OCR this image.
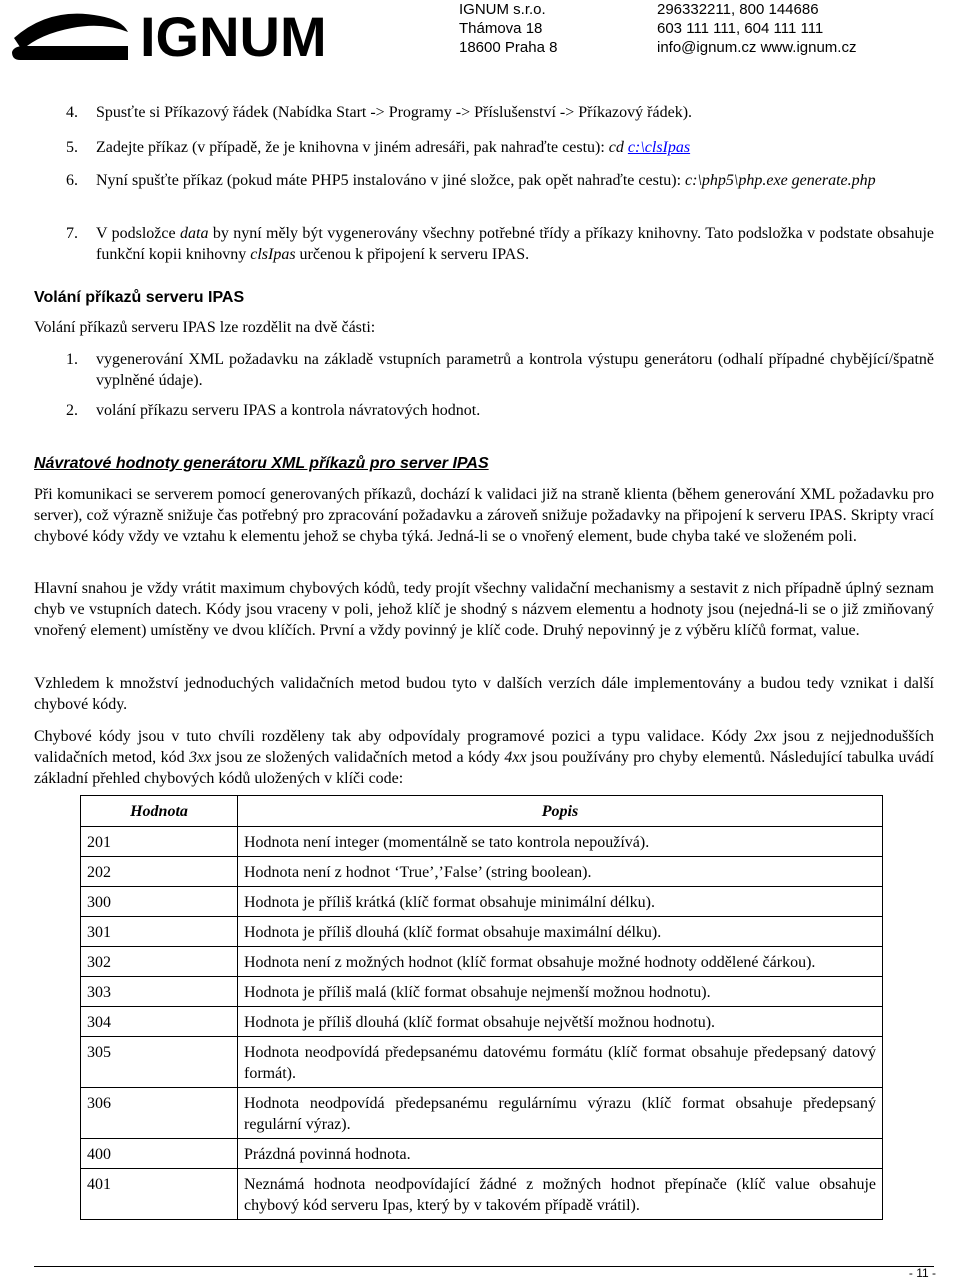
IGNUM	IGNUM s.r.o.
Thámova 18
18600 Praha 8
296332211, 800 144686
603 111 111, 604 111 111
info@ignum.cz www.ignum.cz
4. Spusťte si Příkazový řádek (Nabídka Start -> Programy -> Příslušenství -> Příkazový řádek).
5. Zadejte příkaz (v případě, že je knihovna v jiném adresáři, pak nahraďte cestu): cd c:\clsIpas
6. Nyní spušťte příkaz (pokud máte PHP5 instalováno v jiné složce, pak opět nahraďte cestu): c:\php5\php.exe generate.php
7. V podsložce data by nyní měly být vygenerovány všechny potřebné třídy a příkazy knihovny. Tato podsložka v podstate obsahuje funkční kopii knihovny clsIpas určenou k připojení k serveru IPAS.
Volání příkazů serveru IPAS
Volání příkazů serveru IPAS lze rozdělit na dvě části:
1. vygenerování XML požadavku na základě vstupních parametrů a kontrola výstupu generátoru (odhalí případné chybějící/špatně vyplněné údaje).
2. volání příkazu serveru IPAS a kontrola návratových hodnot.
Návratové hodnoty generátoru XML příkazů pro server IPAS
Při komunikaci se serverem pomocí generovaných příkazů, dochází k validaci již na straně klienta (během generování XML požadavku pro server), což výrazně snižuje čas potřebný pro zpracování požadavku a zároveň snižuje požadavky na připojení k serveru IPAS. Skripty vrací chybové kódy vždy ve vztahu k elementu jehož se chyba týká. Jedná-li se o vnořený element, bude chyba také ve složeném poli.
Hlavní snahou je vždy vrátit maximum chybových kódů, tedy projít všechny validační mechanismy a sestavit z nich případně úplný seznam chyb ve vstupních datech. Kódy jsou vraceny v poli, jehož klíč je shodný s názvem elementu a hodnoty jsou (nejedná-li se o již zmiňovaný vnořený element) umístěny ve dvou klíčích. První a vždy povinný je klíč code. Druhý nepovinný je z výběru klíčů format, value.
Vzhledem k množství jednoduchých validačních metod budou tyto v dalších verzích dále implementovány a budou tedy vznikat i další chybové kódy.
Chybové kódy jsou v tuto chvíli rozděleny tak aby odpovídaly programové pozici a typu validace. Kódy 2xx jsou z nejjednodušších validačních metod, kód 3xx jsou ze složených validačních metod a kódy 4xx jsou používány pro chyby elementů. Následující tabulka uvádí základní přehled chybových kódů uložených v klíči code:
Hodnota	Popis
201	Hodnota není integer (momentálně se tato kontrola nepoužívá).
202	Hodnota není z hodnot ‘True’,’False’ (string boolean).
300	Hodnota je příliš krátká (klíč format obsahuje minimální délku).
301	Hodnota je příliš dlouhá (klíč format obsahuje maximální délku).
302	Hodnota není z možných hodnot (klíč format obsahuje možné hodnoty oddělené čárkou).
303	Hodnota je příliš malá (klíč format obsahuje nejmenší možnou hodnotu).
304	Hodnota je příliš dlouhá (klíč format obsahuje největší možnou hodnotu).
305	Hodnota neodpovídá předepsanému datovému formátu (klíč format obsahuje předepsaný datový formát).
306	Hodnota neodpovídá předepsanému regulárnímu výrazu (klíč format obsahuje předepsaný regulární výraz).
400	Prázdná povinná hodnota.
401	Neznámá hodnota neodpovídající žádné z možných hodnot přepínače (klíč value obsahuje chybový kód serveru Ipas, který by v takovém případě vrátil).
- 11 -
